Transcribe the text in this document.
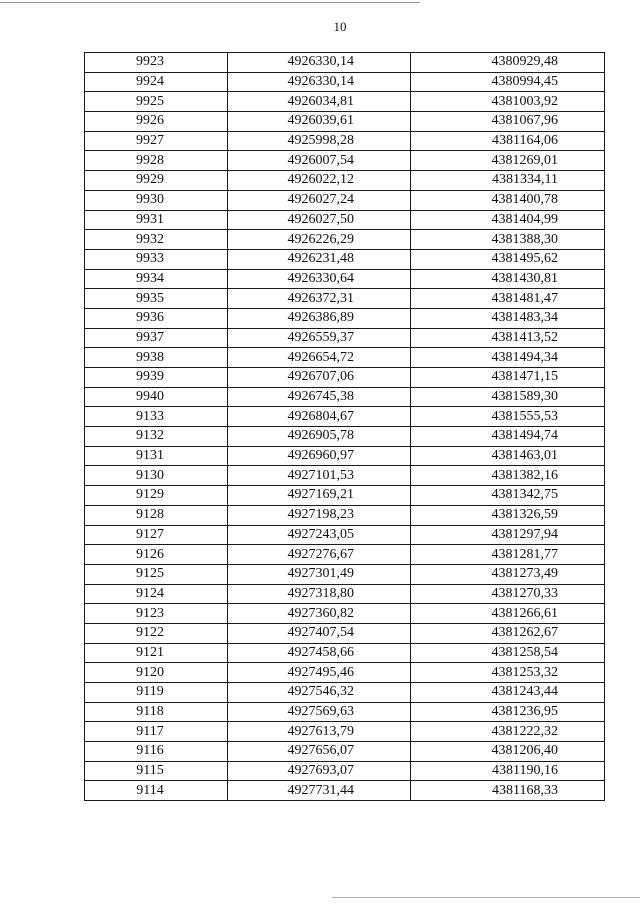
10
9923	4926330,14	4380929,48
9924	4926330,14	4380994,45
9925	4926034,81	4381003,92
9926	4926039,61	4381067,96
9927	4925998,28	4381164,06
9928	4926007,54	4381269,01
9929	4926022,12	4381334,11
9930	4926027,24	4381400,78
9931	4926027,50	4381404,99
9932	4926226,29	4381388,30
9933	4926231,48	4381495,62
9934	4926330,64	4381430,81
9935	4926372,31	4381481,47
9936	4926386,89	4381483,34
9937	4926559,37	4381413,52
9938	4926654,72	4381494,34
9939	4926707,06	4381471,15
9940	4926745,38	4381589,30
9133	4926804,67	4381555,53
9132	4926905,78	4381494,74
9131	4926960,97	4381463,01
9130	4927101,53	4381382,16
9129	4927169,21	4381342,75
9128	4927198,23	4381326,59
9127	4927243,05	4381297,94
9126	4927276,67	4381281,77
9125	4927301,49	4381273,49
9124	4927318,80	4381270,33
9123	4927360,82	4381266,61
9122	4927407,54	4381262,67
9121	4927458,66	4381258,54
9120	4927495,46	4381253,32
9119	4927546,32	4381243,44
9118	4927569,63	4381236,95
9117	4927613,79	4381222,32
9116	4927656,07	4381206,40
9115	4927693,07	4381190,16
9114	4927731,44	4381168,33
